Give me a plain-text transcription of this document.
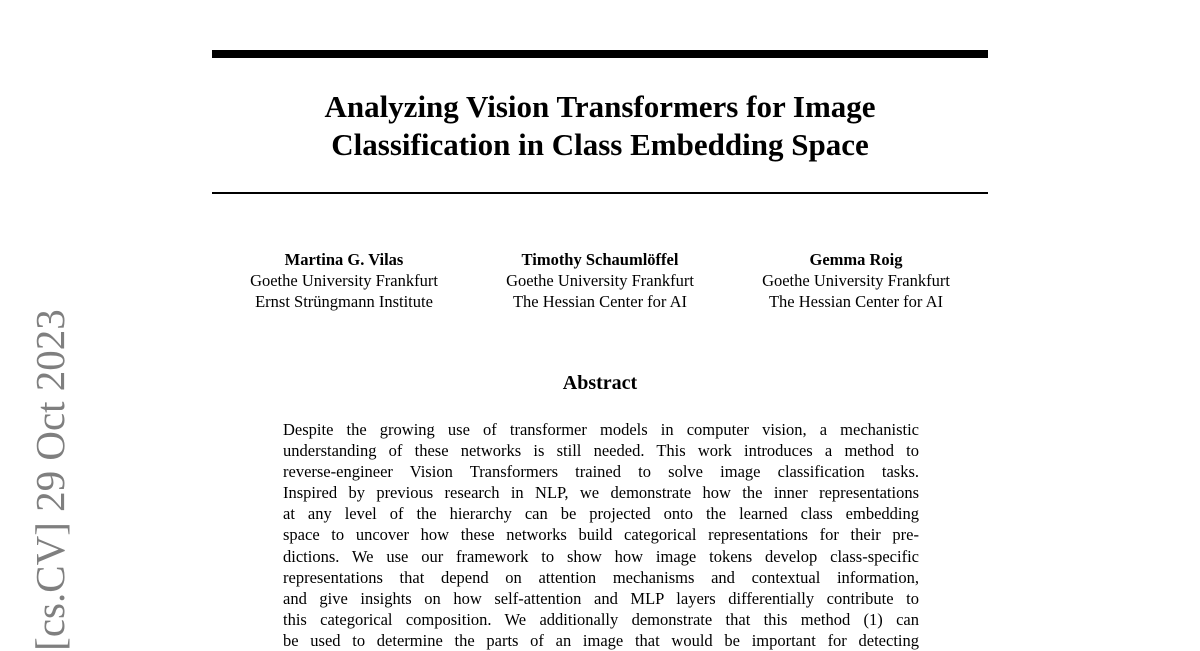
Analyzing Vision Transformers for Image
Classification in Class Embedding Space
Martina G. Vilas
Goethe University Frankfurt
Ernst Strüngmann Institute
Timothy Schaumlöffel
Goethe University Frankfurt
The Hessian Center for AI
Gemma Roig
Goethe University Frankfurt
The Hessian Center for AI
Abstract
Despite the growing use of transformer models in computer vision, a mechanistic
understanding of these networks is still needed. This work introduces a method to
reverse-engineer Vision Transformers trained to solve image classification tasks.
Inspired by previous research in NLP, we demonstrate how the inner representations
at any level of the hierarchy can be projected onto the learned class embedding
space to uncover how these networks build categorical representations for their pre-
dictions. We use our framework to show how image tokens develop class-specific
representations that depend on attention mechanisms and contextual information,
and give insights on how self-attention and MLP layers differentially contribute to
this categorical composition. We additionally demonstrate that this method (1) can
be used to determine the parts of an image that would be important for detecting
[cs.CV] 29 Oct 2023
